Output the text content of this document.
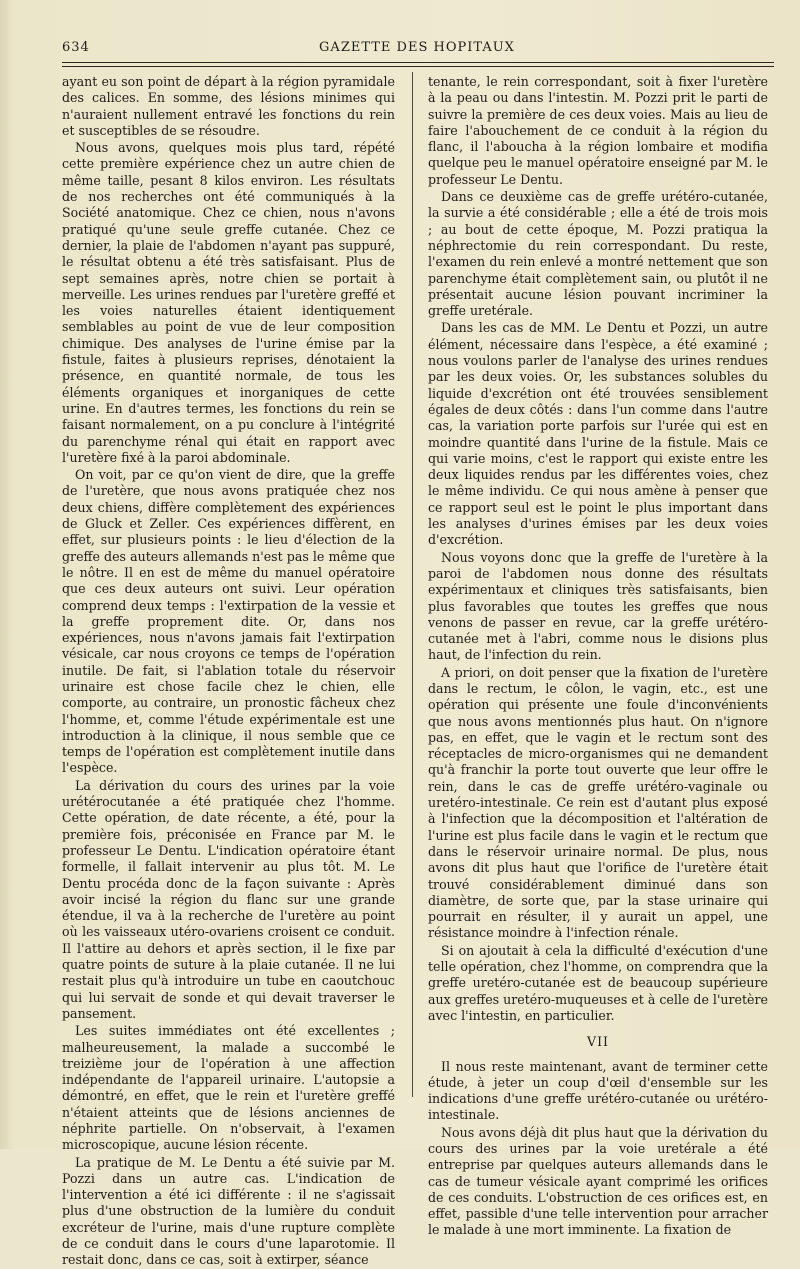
634	GAZETTE DES HOPITAUX

ayant eu son point de départ à la région pyramidale des calices. En somme, des lésions minimes qui n'auraient nullement entravé les fonctions du rein et susceptibles de se résoudre.

Nous avons, quelques mois plus tard, répété cette première expérience chez un autre chien de même taille, pesant 8 kilos environ. Les résultats de nos recherches ont été communiqués à la Société anatomique. Chez ce chien, nous n'avons pratiqué qu'une seule greffe cutanée. Chez ce dernier, la plaie de l'abdomen n'ayant pas suppuré, le résultat obtenu a été très satisfaisant. Plus de sept semaines après, notre chien se portait à merveille. Les urines rendues par l'uretère greffé et les voies naturelles étaient identiquement semblables au point de vue de leur composition chimique. Des analyses de l'urine émise par la fistule, faites à plusieurs reprises, dénotaient la présence, en quantité normale, de tous les éléments organiques et inorganiques de cette urine. En d'autres termes, les fonctions du rein se faisant normalement, on a pu conclure à l'intégrité du parenchyme rénal qui était en rapport avec l'uretère fixé à la paroi abdominale.

On voit, par ce qu'on vient de dire, que la greffe de l'uretère, que nous avons pratiquée chez nos deux chiens, diffère complètement des expériences de Gluck et Zeller. Ces expériences diffèrent, en effet, sur plusieurs points : le lieu d'élection de la greffe des auteurs allemands n'est pas le même que le nôtre. Il en est de même du manuel opératoire que ces deux auteurs ont suivi. Leur opération comprend deux temps : l'extirpation de la vessie et la greffe proprement dite. Or, dans nos expériences, nous n'avons jamais fait l'extirpation vésicale, car nous croyons ce temps de l'opération inutile. De fait, si l'ablation totale du réservoir urinaire est chose facile chez le chien, elle comporte, au contraire, un pronostic fâcheux chez l'homme, et, comme l'étude expérimentale est une introduction à la clinique, il nous semble que ce temps de l'opération est complètement inutile dans l'espèce.

La dérivation du cours des urines par la voie urétérocutanée a été pratiquée chez l'homme. Cette opération, de date récente, a été, pour la première fois, préconisée en France par M. le professeur Le Dentu. L'indication opératoire étant formelle, il fallait intervenir au plus tôt. M. Le Dentu procéda donc de la façon suivante : Après avoir incisé la région du flanc sur une grande étendue, il va à la recherche de l'uretère au point où les vaisseaux utéro-ovariens croisent ce conduit. Il l'attire au dehors et après section, il le fixe par quatre points de suture à la plaie cutanée. Il ne lui restait plus qu'à introduire un tube en caoutchouc qui lui servait de sonde et qui devait traverser le pansement.

Les suites immédiates ont été excellentes ; malheureusement, la malade a succombé le treizième jour de l'opération à une affection indépendante de l'appareil urinaire. L'autopsie a démontré, en effet, que le rein et l'uretère greffé n'étaient atteints que de lésions anciennes de néphrite partielle. On n'observait, à l'examen microscopique, aucune lésion récente.

La pratique de M. Le Dentu a été suivie par M. Pozzi dans un autre cas. L'indication de l'intervention a été ici différente : il ne s'agissait plus d'une obstruction de la lumière du conduit excréteur de l'urine, mais d'une rupture complète de ce conduit dans le cours d'une laparotomie. Il restait donc, dans ce cas, soit à extirper, séance

tenante, le rein correspondant, soit à fixer l'uretère à la peau ou dans l'intestin. M. Pozzi prit le parti de suivre la première de ces deux voies. Mais au lieu de faire l'abouchement de ce conduit à la région du flanc, il l'aboucha à la région lombaire et modifia quelque peu le manuel opératoire enseigné par M. le professeur Le Dentu.

Dans ce deuxième cas de greffe urétéro-cutanée, la survie a été considérable ; elle a été de trois mois ; au bout de cette époque, M. Pozzi pratiqua la néphrectomie du rein correspondant. Du reste, l'examen du rein enlevé a montré nettement que son parenchyme était complètement sain, ou plutôt il ne présentait aucune lésion pouvant incriminer la greffe uretérale.

Dans les cas de MM. Le Dentu et Pozzi, un autre élément, nécessaire dans l'espèce, a été examiné ; nous voulons parler de l'analyse des urines rendues par les deux voies. Or, les substances solubles du liquide d'excrétion ont été trouvées sensiblement égales de deux côtés : dans l'un comme dans l'autre cas, la variation porte parfois sur l'urée qui est en moindre quantité dans l'urine de la fistule. Mais ce qui varie moins, c'est le rapport qui existe entre les deux liquides rendus par les différentes voies, chez le même individu. Ce qui nous amène à penser que ce rapport seul est le point le plus important dans les analyses d'urines émises par les deux voies d'excrétion.

Nous voyons donc que la greffe de l'uretère à la paroi de l'abdomen nous donne des résultats expérimentaux et cliniques très satisfaisants, bien plus favorables que toutes les greffes que nous venons de passer en revue, car la greffe urétéro-cutanée met à l'abri, comme nous le disions plus haut, de l'infection du rein.

A priori, on doit penser que la fixation de l'uretère dans le rectum, le côlon, le vagin, etc., est une opération qui présente une foule d'inconvénients que nous avons mentionnés plus haut. On n'ignore pas, en effet, que le vagin et le rectum sont des réceptacles de micro-organismes qui ne demandent qu'à franchir la porte tout ouverte que leur offre le rein, dans le cas de greffe urétéro-vaginale ou uretéro-intestinale. Ce rein est d'autant plus exposé à l'infection que la décomposition et l'altération de l'urine est plus facile dans le vagin et le rectum que dans le réservoir urinaire normal. De plus, nous avons dit plus haut que l'orifice de l'uretère était trouvé considérablement diminué dans son diamètre, de sorte que, par la stase urinaire qui pourrait en résulter, il y aurait un appel, une résistance moindre à l'infection rénale.

Si on ajoutait à cela la difficulté d'exécution d'une telle opération, chez l'homme, on comprendra que la greffe uretéro-cutanée est de beaucoup supérieure aux greffes uretéro-muqueuses et à celle de l'uretère avec l'intestin, en particulier.

VII

Il nous reste maintenant, avant de terminer cette étude, à jeter un coup d'œil d'ensemble sur les indications d'une greffe urétéro-cutanée ou urétéro-intestinale.

Nous avons déjà dit plus haut que la dérivation du cours des urines par la voie uretérale a été entreprise par quelques auteurs allemands dans le cas de tumeur vésicale ayant comprimé les orifices de ces conduits. L'obstruction de ces orifices est, en effet, passible d'une telle intervention pour arracher le malade à une mort imminente. La fixation de
